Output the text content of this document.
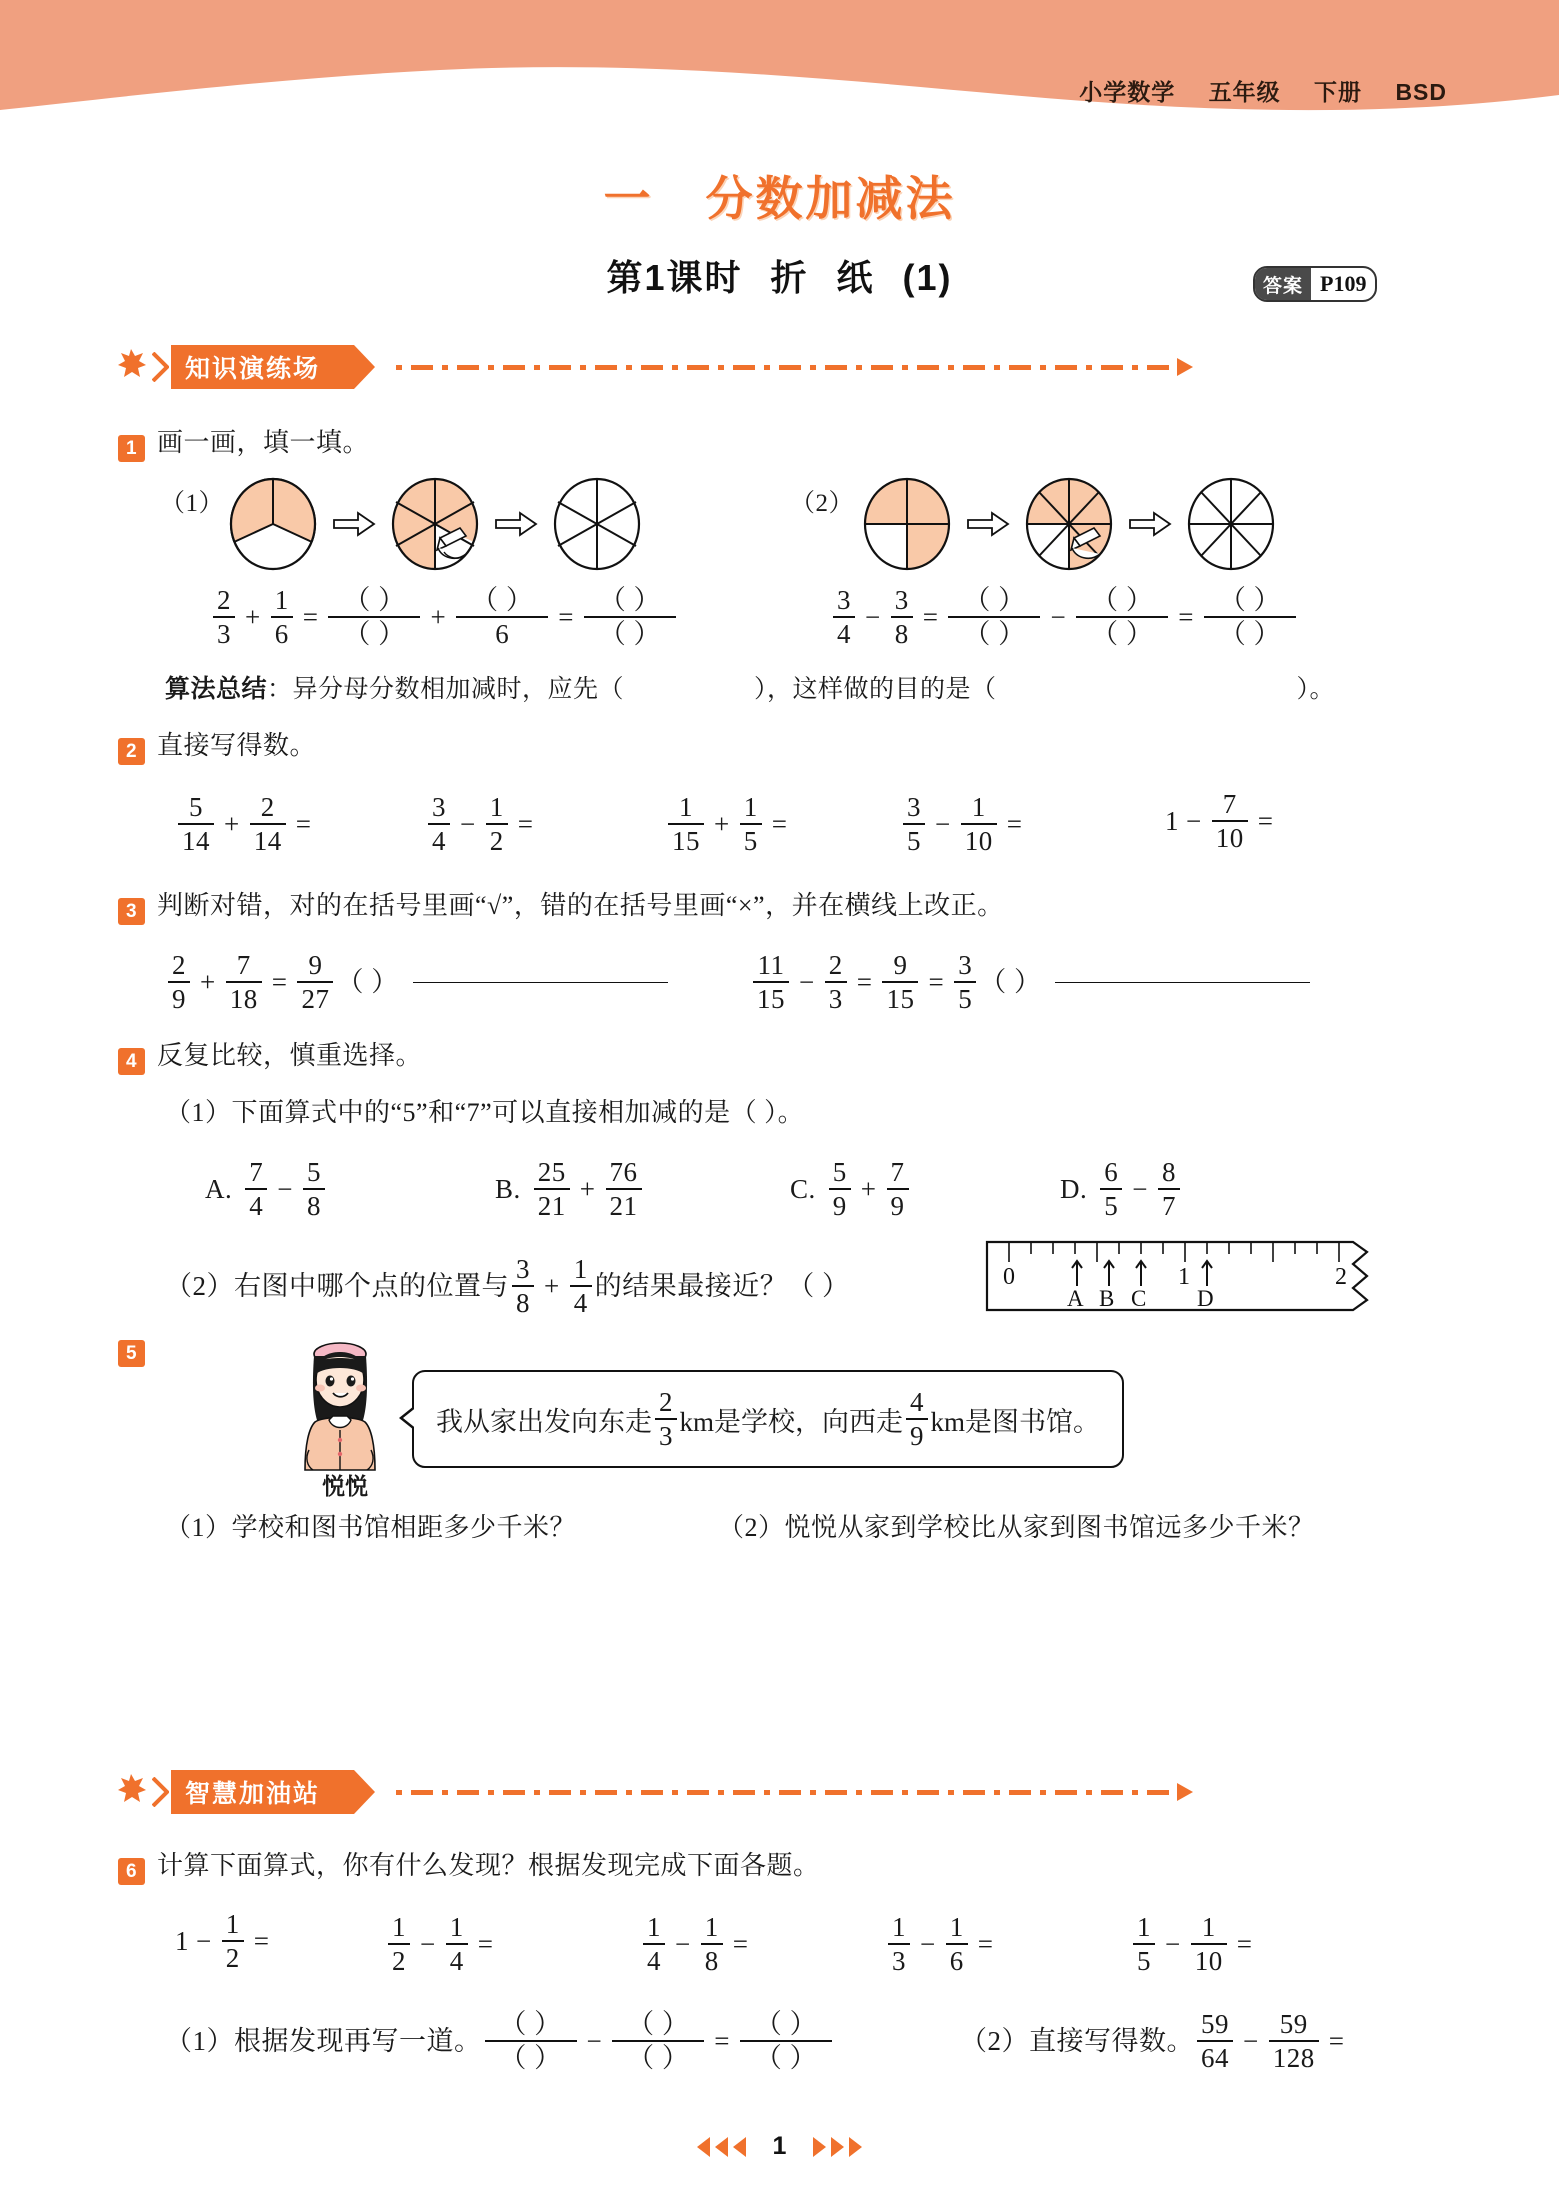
小学数学 五年级 下册 BSD
一 分数加减法
第1课时 折 纸 (1)	答案 P109
知识演练场
1 画一画，填一填。
（1）	（2）
2
3
+
1
6
=
（ ）
（ ）
+
（ ）
6
=
（ ）
（ ）
3
4
−
3
8
=
（ ）
（ ）
−
（ ）
（ ）
=
（ ）
（ ）
算法总结：异分母分数相加减时，应先（	），这样做的目的是（	）。
2 直接写得数。
5
14
+
2
14
=
3
4
−
1
2
=
1
15
+
1
5
=
3
5
−
1
10
=	1 −
7
10
=
3 判断对错，对的在括号里画“√”，错的在括号里画“×”，并在横线上改正。
2
9
+
7
18
=
9
27
（ ）
11
15
−
2
3
=
9
15
=
3
5
（ ）
4 反复比较，慎重选择。
（1）下面算式中的“5”和“7”可以直接相加减的是（ ）。
A.
7
4
−
5
8
B.
25
21
+
76
21
C.
5
9
+
7
9
D.
6
5
−
8
7
（2）右图中哪个点的位置与
3
8
+
1
4
的结果最接近？（ ）	0	1	2
A B C D
5
悦悦
我从家出发向东走
2
3 km是学校，向西走
4
9 km是图书馆。
（1）学校和图书馆相距多少千米？	（2）悦悦从家到学校比从家到图书馆远多少千米？
智慧加油站
6 计算下面算式，你有什么发现？根据发现完成下面各题。
1 −
1
2
=	1
2
−
1
4
=
1
4
−
1
8
=
1
3
−
1
6
=
1
5
−
1
10
=
（1）根据发现再写一道。
（ ）
（ ）
−
（ ）
（ ）
=
（ ）
（ ）
（2）直接写得数。
59
64
−
59
128
=
1
